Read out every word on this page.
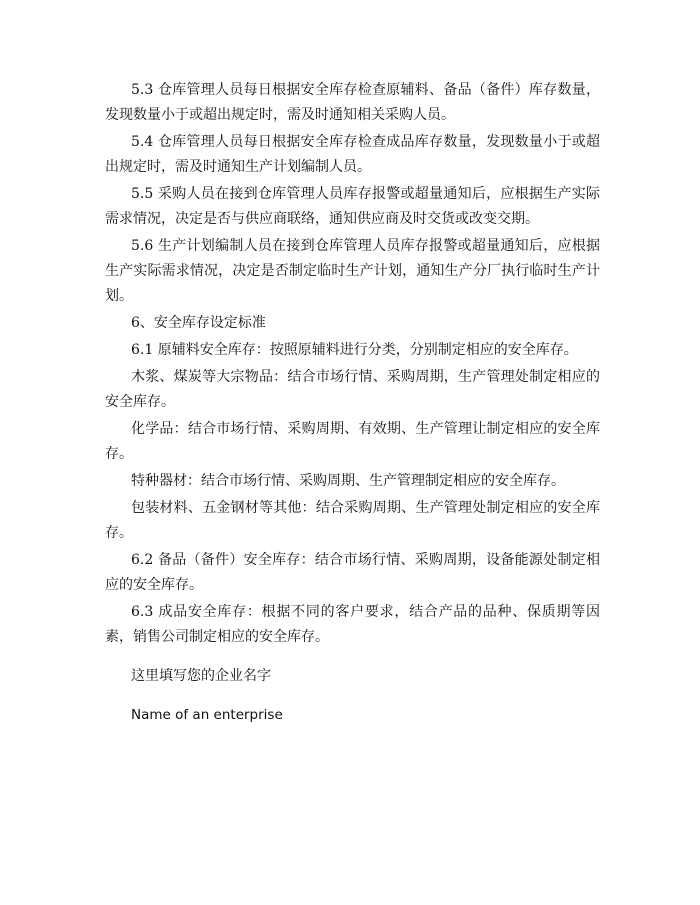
5.3 仓库管理人员每日根据安全库存检查原辅料、备品（备件）库存数量，发现数量小于或超出规定时，需及时通知相关采购人员。

5.4 仓库管理人员每日根据安全库存检查成品库存数量，发现数量小于或超出规定时，需及时通知生产计划编制人员。

5.5 采购人员在接到仓库管理人员库存报警或超量通知后，应根据生产实际需求情况，决定是否与供应商联络，通知供应商及时交货或改变交期。

5.6 生产计划编制人员在接到仓库管理人员库存报警或超量通知后，应根据生产实际需求情况，决定是否制定临时生产计划，通知生产分厂执行临时生产计划。

6、安全库存设定标准

6.1 原辅料安全库存：按照原辅料进行分类，分别制定相应的安全库存。

木浆、煤炭等大宗物品：结合市场行情、采购周期，生产管理处制定相应的安全库存。

化学品：结合市场行情、采购周期、有效期、生产管理让制定相应的安全库存。

特种器材：结合市场行情、采购周期、生产管理制定相应的安全库存。

包装材料、五金钢材等其他：结合采购周期、生产管理处制定相应的安全库存。

6.2 备品（备件）安全库存：结合市场行情、采购周期，设备能源处制定相应的安全库存。

6.3 成品安全库存：根据不同的客户要求，结合产品的品种、保质期等因素，销售公司制定相应的安全库存。

这里填写您的企业名字

Name of an enterprise
